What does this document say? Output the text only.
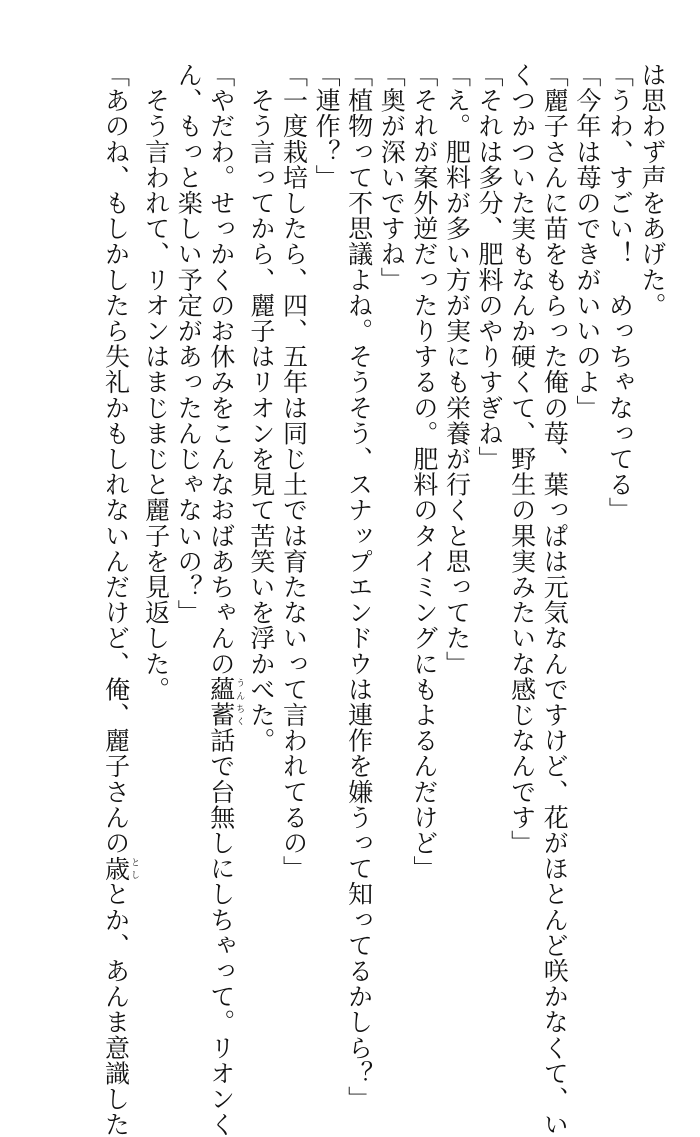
は思わず声をあげた。
「うわ、すごい！　めっちゃなってる」
「今年は苺のできがいいのよ」
「麗子さんに苗をもらった俺の苺、葉っぱは元気なんですけど、花がほとんど咲かなくて、い
くつかついた実もなんか硬くて、野生の果実みたいな感じなんです」
「それは多分、肥料のやりすぎね」
「え。肥料が多い方が実にも栄養が行くと思ってた」
「それが案外逆だったりするの。肥料のタイミングにもよるんだけど」
「奥が深いですね」
「植物って不思議よね。そうそう、スナップエンドウは連作を嫌うって知ってるかしら？」
「連作？」
「一度栽培したら、四、五年は同じ土では育たないって言われてるの」
　そう言ってから、麗子はリオンを見て苦笑いを浮かべた。
「やだわ。せっかくのお休みをこんなおばあちゃんの蘊蓄うんちく話で台無しにしちゃって。リオンく
ん、もっと楽しい予定があったんじゃないの？」
　そう言われて、リオンはまじまじと麗子を見返した。
「あのね、もしかしたら失礼かもしれないんだけど、俺、麗子さんの歳としとか、あんま意識した
